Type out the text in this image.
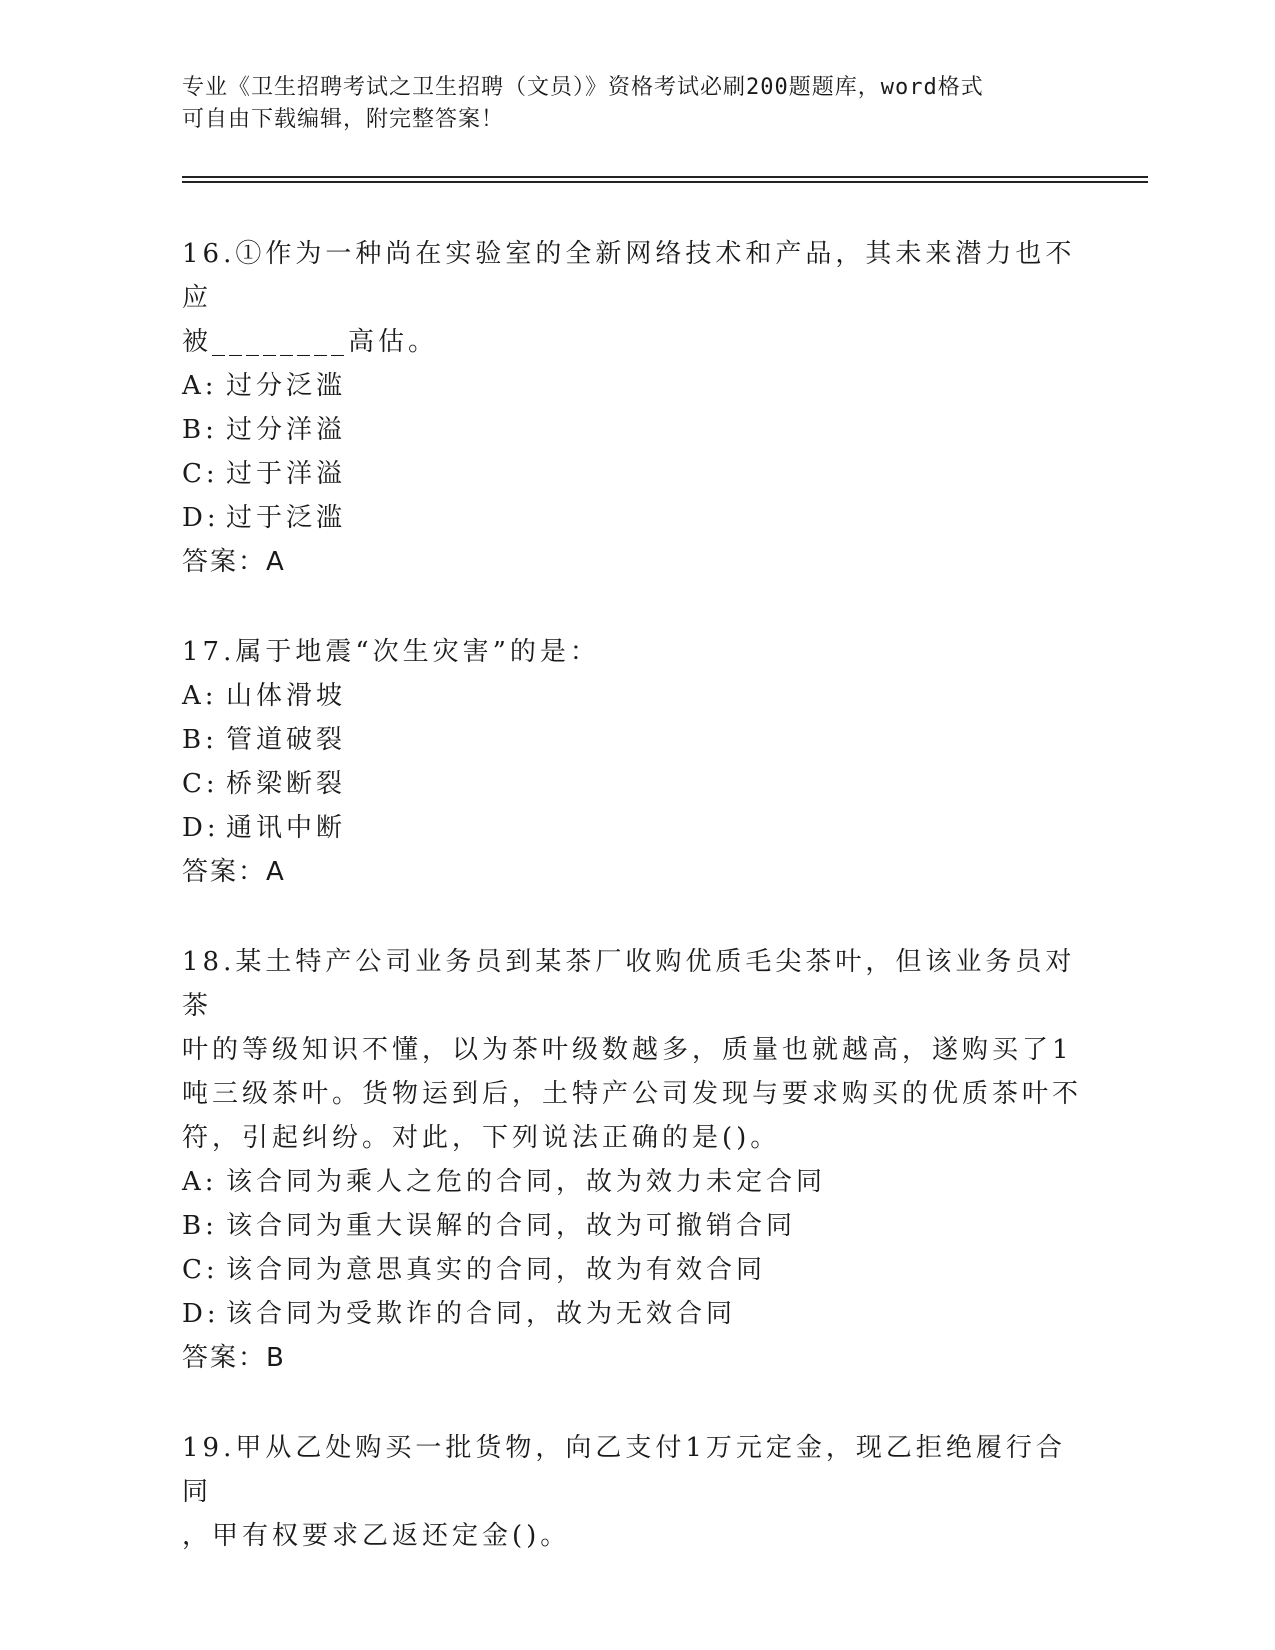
专业《卫生招聘考试之卫生招聘（文员）》资格考试必刷200题题库，word格式
可自由下载编辑，附完整答案！

16.①作为一种尚在实验室的全新网络技术和产品，其未来潜力也不应

被________高估。

A: 过分泛滥

B: 过分洋溢

C: 过于洋溢

D: 过于泛滥

答案：A

17.属于地震“次生灾害”的是：

A: 山体滑坡

B: 管道破裂

C: 桥梁断裂

D: 通讯中断

答案：A

18.某土特产公司业务员到某茶厂收购优质毛尖茶叶，但该业务员对茶

叶的等级知识不懂，以为茶叶级数越多，质量也就越高，遂购买了1

吨三级茶叶。货物运到后，土特产公司发现与要求购买的优质茶叶不

符，引起纠纷。对此，下列说法正确的是()。

A: 该合同为乘人之危的合同，故为效力未定合同

B: 该合同为重大误解的合同，故为可撤销合同

C: 该合同为意思真实的合同，故为有效合同

D: 该合同为受欺诈的合同，故为无效合同

答案：B

19.甲从乙处购买一批货物，向乙支付1万元定金，现乙拒绝履行合同

，甲有权要求乙返还定金()。
